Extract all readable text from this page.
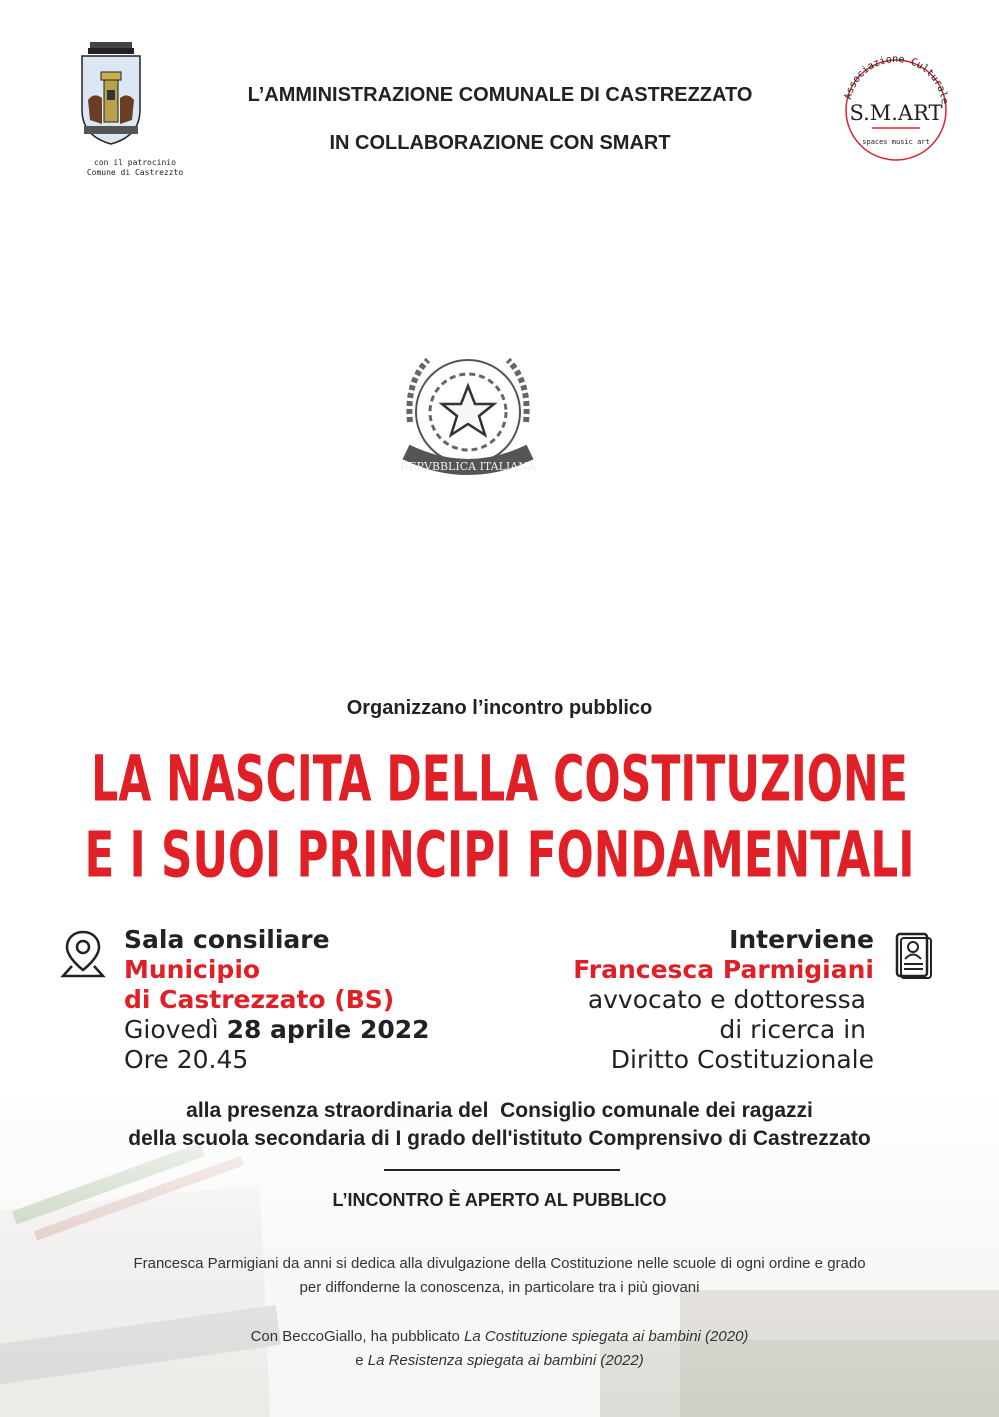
con il patrocinio
Comune di Castrezzto
L’AMMINISTRAZIONE COMUNALE DI CASTREZZATO
IN COLLABORAZIONE CON SMART
Associazione Culturale
S.M.ART
spaces music art
REPVBBLICA ITALIANA
Organizzano l’incontro pubblico
LA NASCITA DELLA COSTITUZIONE
E I SUOI PRINCIPI FONDAMENTALI
Sala consiliare
Municipio
di Castrezzato (BS)
Giovedì 28 aprile 2022
Ore 20.45
Interviene
Francesca Parmigiani
avvocato e dottoressa
di ricerca in
Diritto Costituzionale
alla presenza straordinaria del  Consiglio comunale dei ragazzi
della scuola secondaria di I grado dell'istituto Comprensivo di Castrezzato
L’INCONTRO È APERTO AL PUBBLICO
Francesca Parmigiani da anni si dedica alla divulgazione della Costituzione nelle scuole di ogni ordine e grado
per diffonderne la conoscenza, in particolare tra i più giovani
Con BeccoGiallo, ha pubblicato La Costituzione spiegata ai bambini (2020)
e La Resistenza spiegata ai bambini (2022)
